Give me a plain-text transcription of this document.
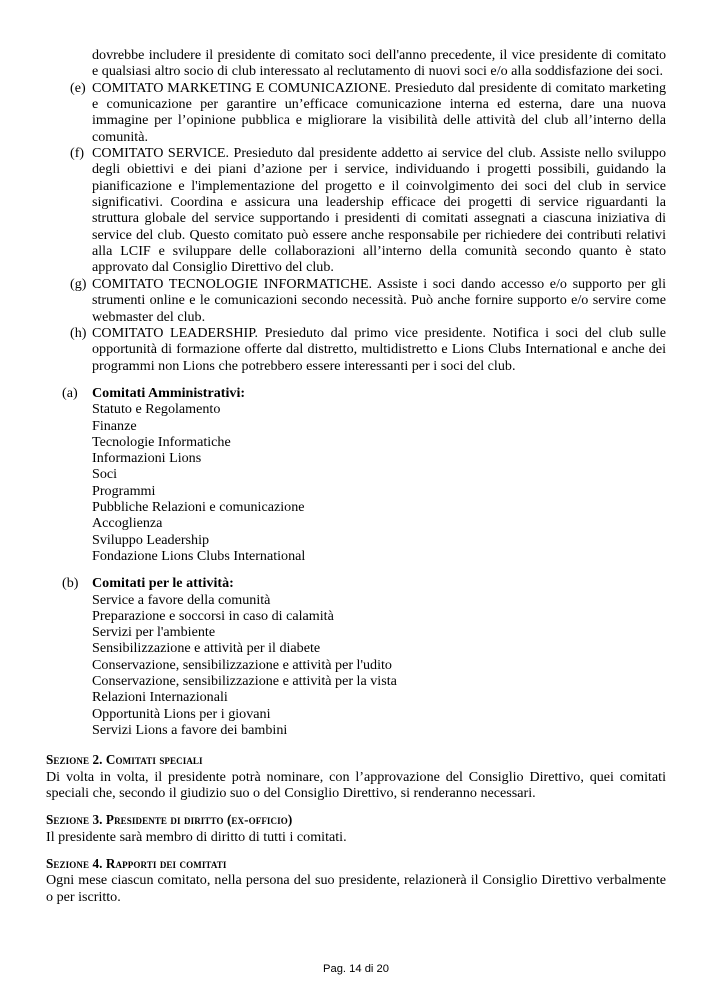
dovrebbe includere il presidente di comitato soci dell'anno precedente, il vice presidente di comitato e qualsiasi altro socio di club interessato al reclutamento di nuovi soci e/o alla soddisfazione dei soci.

(e) COMITATO MARKETING E COMUNICAZIONE. Presieduto dal presidente di comitato marketing e comunicazione per garantire un’efficace comunicazione interna ed esterna, dare una nuova immagine per l’opinione pubblica e migliorare la visibilità delle attività del club all’interno della comunità.

(f) COMITATO SERVICE. Presieduto dal presidente addetto ai service del club. Assiste nello sviluppo degli obiettivi e dei piani d’azione per i service, individuando i progetti possibili, guidando la pianificazione e l'implementazione del progetto e il coinvolgimento dei soci del club in service significativi. Coordina e assicura una leadership efficace dei progetti di service riguardanti la struttura globale del service supportando i presidenti di comitati assegnati a ciascuna iniziativa di service del club. Questo comitato può essere anche responsabile per richiedere dei contributi relativi alla LCIF e sviluppare delle collaborazioni all’interno della comunità secondo quanto è stato approvato dal Consiglio Direttivo del club.

(g) COMITATO TECNOLOGIE INFORMATICHE. Assiste i soci dando accesso e/o supporto per gli strumenti online e le comunicazioni secondo necessità. Può anche fornire supporto e/o servire come webmaster del club.

(h) COMITATO LEADERSHIP. Presieduto dal primo vice presidente. Notifica i soci del club sulle opportunità di formazione offerte dal distretto, multidistretto e Lions Clubs International e anche dei programmi non Lions che potrebbero essere interessanti per i soci del club.

(a) Comitati Amministrativi:
Statuto e Regolamento
Finanze
Tecnologie Informatiche
Informazioni Lions
Soci
Programmi
Pubbliche Relazioni e comunicazione
Accoglienza
Sviluppo Leadership
Fondazione Lions Clubs International
(b) Comitati per le attività:
Service a favore della comunità
Preparazione e soccorsi in caso di calamità
Servizi per l'ambiente
Sensibilizzazione e attività per il diabete
Conservazione, sensibilizzazione e attività per l'udito
Conservazione, sensibilizzazione e attività per la vista
Relazioni Internazionali
Opportunità Lions per i giovani
Servizi Lions a favore dei bambini
Sezione 2. Comitati speciali

Di volta in volta, il presidente potrà nominare, con l’approvazione del Consiglio Direttivo, quei comitati speciali che, secondo il giudizio suo o del Consiglio Direttivo, si renderanno necessari.

Sezione 3. Presidente di diritto (ex-officio)

Il presidente sarà membro di diritto di tutti i comitati.

Sezione 4. Rapporti dei comitati

Ogni mese ciascun comitato, nella persona del suo presidente, relazionerà il Consiglio Direttivo verbalmente o per iscritto.

Pag. 14 di 20
